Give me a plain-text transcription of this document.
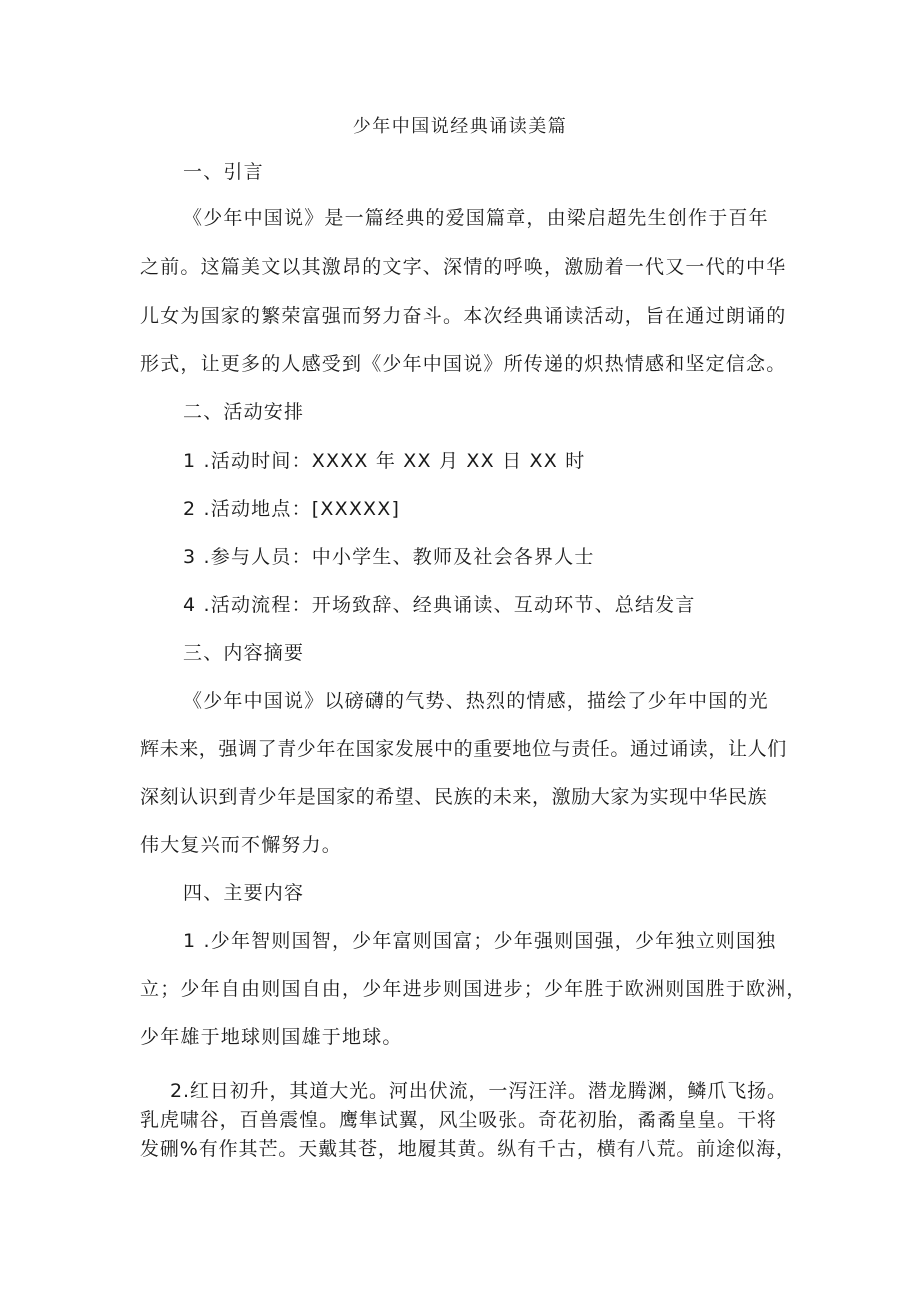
少年中国说经典诵读美篇
一、引言
《少年中国说》是一篇经典的爱国篇章，由梁启超先生创作于百年
之前。这篇美文以其激昂的文字、深情的呼唤，激励着一代又一代的中华
儿女为国家的繁荣富强而努力奋斗。本次经典诵读活动，旨在通过朗诵的
形式，让更多的人感受到《少年中国说》所传递的炽热情感和坚定信念。
二、活动安排
1 .活动时间：XXXX 年 XX 月 XX 日 XX 时
2 .活动地点：[XXXXX]
3 .参与人员：中小学生、教师及社会各界人士
4 .活动流程：开场致辞、经典诵读、互动环节、总结发言
三、内容摘要
《少年中国说》以磅礴的气势、热烈的情感，描绘了少年中国的光
辉未来，强调了青少年在国家发展中的重要地位与责任。通过诵读，让人们
深刻认识到青少年是国家的希望、民族的未来，激励大家为实现中华民族
伟大复兴而不懈努力。
四、主要内容
1 .少年智则国智，少年富则国富；少年强则国强，少年独立则国独
立；少年自由则国自由，少年进步则国进步；少年胜于欧洲则国胜于欧洲，
少年雄于地球则国雄于地球。
2.红日初升，其道大光。河出伏流，一泻汪洋。潜龙腾渊，鳞爪飞扬。
乳虎啸谷，百兽震惶。鹰隼试翼，风尘吸张。奇花初胎，矞矞皇皇。干将
发硎%有作其芒。天戴其苍，地履其黄。纵有千古，横有八荒。前途似海，
